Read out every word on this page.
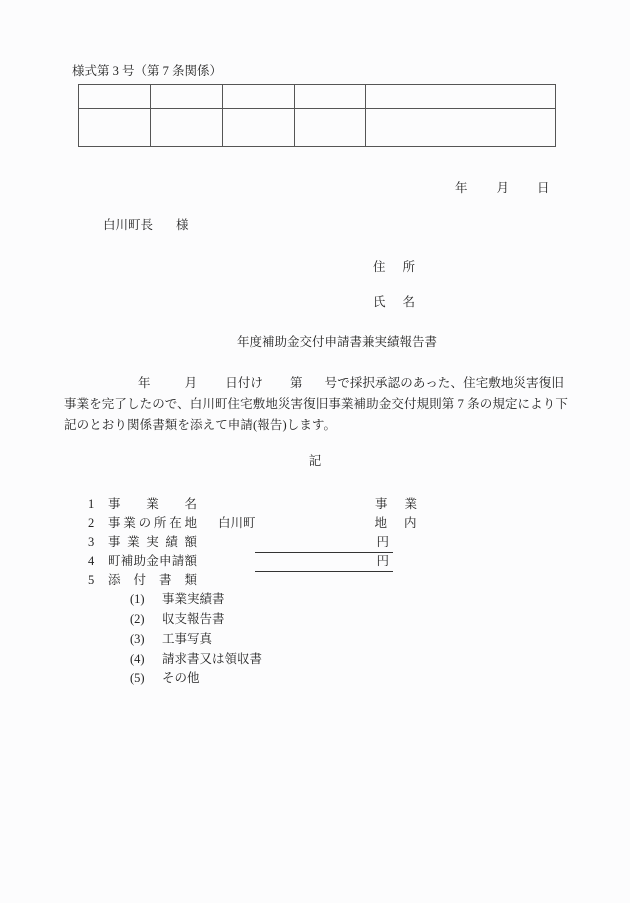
様式第 3 号（第 7 条関係）

年 月 日
白川町長 様
住所
氏名
年度補助金交付申請書兼実績報告書
年	月 日付け 第 号で採択承認のあった、住宅敷地災害復旧
事業を完了したので、白川町住宅敷地災害復旧事業補助金交付規則第 7 条の規定により下
記のとおり関係書類を添えて申請(報告)します。
記
1 事業名	事業
2 事業の所在地 白川町	地内
3 事業実績額	円
4 町補助金申請額	円
5 添付書類
(1) 事業実績書
(2) 収支報告書
(3) 工事写真
(4) 請求書又は領収書
(5) その他
